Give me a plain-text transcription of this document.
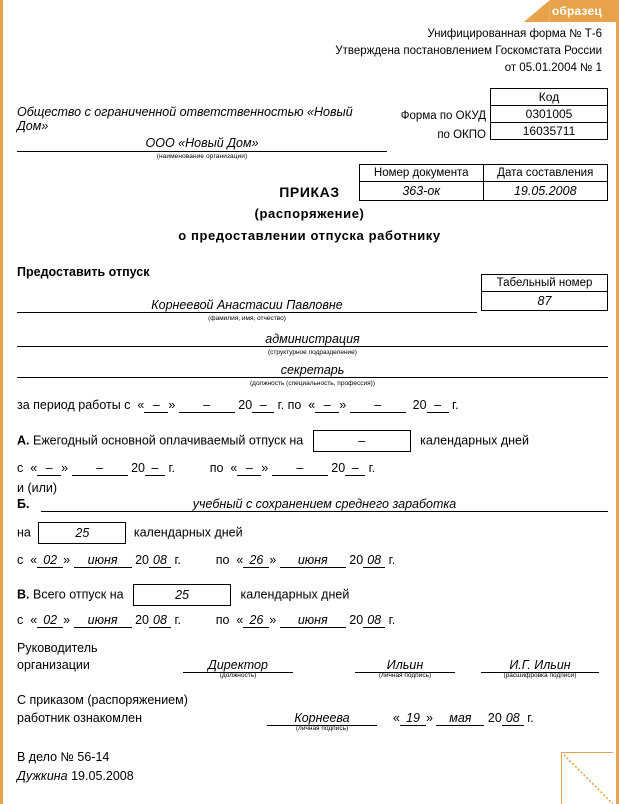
образец
Унифицированная форма № Т-6
Утверждена постановлением Госкомстата России
от 05.01.2004 № 1
Общество с ограниченной ответственностью «Новый Дом»
ООО «Новый Дом»
(наименование организации)
Форма по ОКУД
по ОКПО
Код
0301005
16035711
Номер документа	Дата составления
363-ок	19.05.2008
ПРИКАЗ
(распоряжение)
о предоставлении отпуска работнику
Предоставить отпуск
Табельный номер
87
Корнеевой Анастасии Павловне
(фамилия, имя, отчество)
администрация
(структурное подразделение)
секретарь
(должность (специальность, профессия))
за период работы с  « – » – 20 – г. по  « – » –	20 – г.
А. Ежегодный основной оплачиваемый отпуск на	–	календарных дней
с  « – » – 20 – г.	по  « – » – 20 – г.
и (или)
Б.	учебный с сохранением среднего заработка
на	25	календарных дней
с  « 02 » июня 20 08 г.	по  « 26 » июня 20 08 г.
В. Всего отпуск на	25	календарных дней
с  « 02 » июня 20 08 г.	по  « 26 » июня 20 08 г.
Руководитель
организации	Директор
(должность)
Ильин
(личная подпись)
И.Г. Ильин
(расшифровка подписи)
С приказом (распоряжением)
работник ознакомлен	Корнеева
(личная подпись)
« 19 » мая 20 08 г.
В дело № 56-14
Дужкина 19.05.2008
